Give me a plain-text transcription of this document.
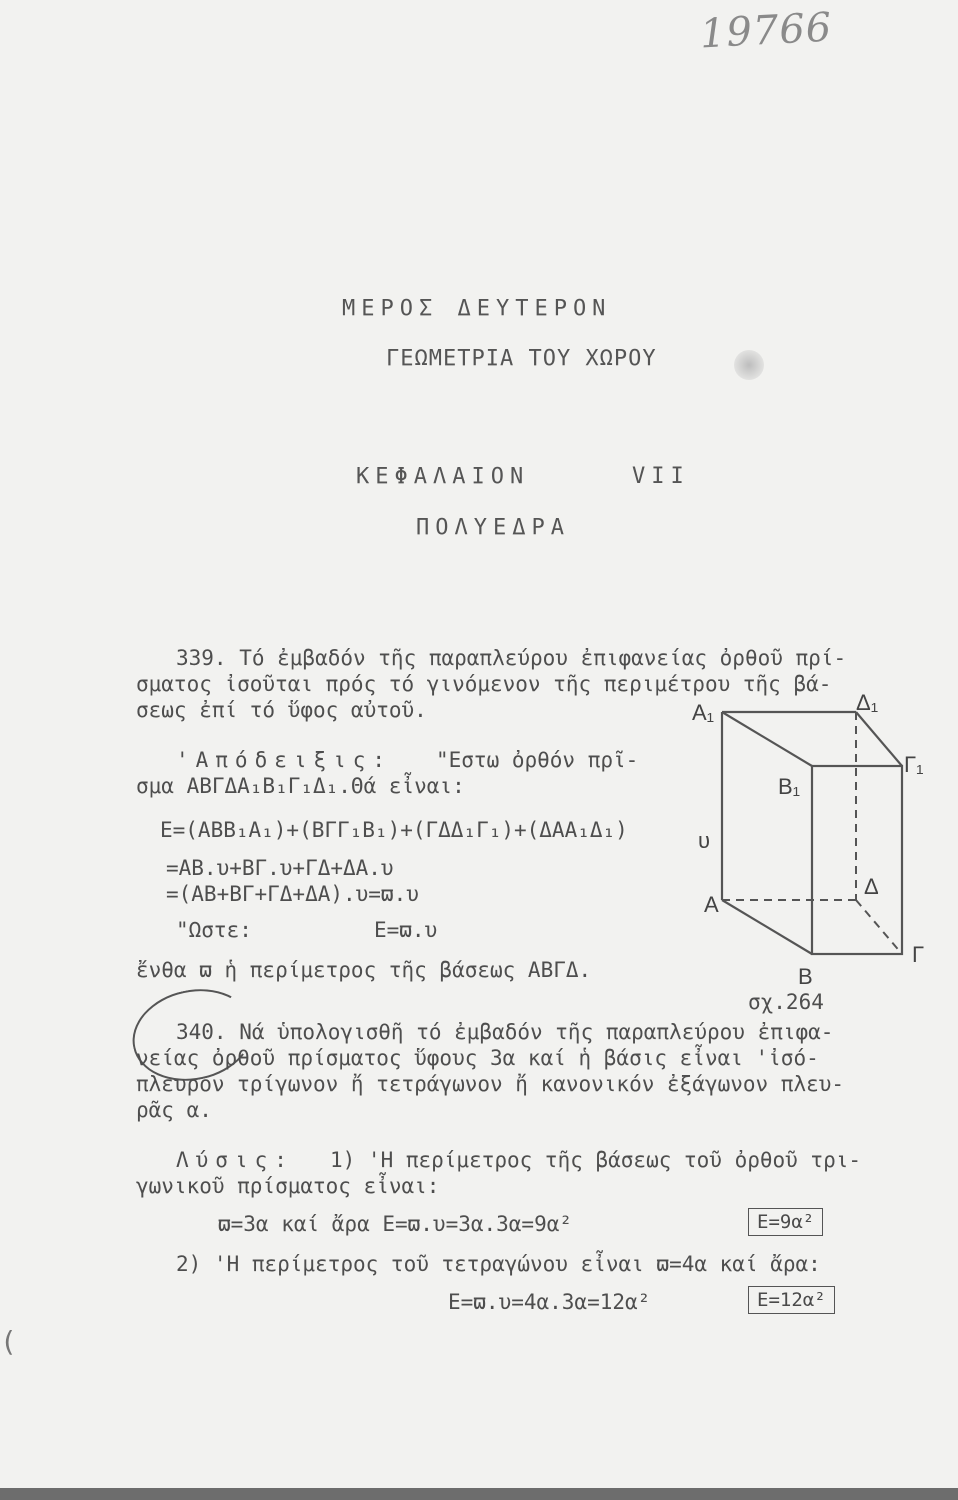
19766
ΜΕΡΟΣ ΔΕΥΤΕΡΟΝ
ΓΕΩΜΕΤΡΙΑ ΤΟΥ ΧΩΡΟΥ
ΚΕΦΑΛΑΙΟΝ	VII
ΠΟΛΥΕΔΡΑ
339. Τό ἐμβαδόν τῆς παραπλεύρου ἐπιφανείας ὀρθοῦ πρί-
σματος ἰσοῦται πρός τό γινόμενον τῆς περιμέτρου τῆς βά-
σεως ἐπί τό ὕφος αὐτοῦ.
'Απόδειξις: "Εστω ὀρθόν πρῖ-
σμα ΑΒΓΔΑ₁Β₁Γ₁Δ₁.Θά εἶναι:
Ε=(ΑΒΒ₁Α₁)+(ΒΓΓ₁Β₁)+(ΓΔΔ₁Γ₁)+(ΔΑΑ₁Δ₁)
=ΑΒ.υ+ΒΓ.υ+ΓΔ+ΔΑ.υ
=(ΑΒ+ΒΓ+ΓΔ+ΔΑ).υ=ϖ.υ
"Ωστε:	Ε=ϖ.υ
ἔνθα ϖ ἡ περίμετρος τῆς βάσεως ΑΒΓΔ.
Α₁	Δ₁
Γ₁
Β₁
υ
Α
Δ
Β
Γ
σχ.264
340. Νά ὑπολογισθῆ τό ἐμβαδόν τῆς παραπλεύρου ἐπιφα-
νείας ὀρθοῦ πρίσματος ὕφους 3α καί ἡ βάσις εἶναι 'ἰσό-
πλευρον τρίγωνον ἤ τετράγωνον ἤ κανονικόν ἐξάγωνον πλευ-
ρᾶς α.
Λύσις: 1) 'Η περίμετρος τῆς βάσεως τοῦ ὀρθοῦ τρι-
γωνικοῦ πρίσματος εἶναι:
ϖ=3α καί ἄρα Ε=ϖ.υ=3α.3α=9α²	Ε=9α²
2) 'Η περίμετρος τοῦ τετραγώνου εἶναι ϖ=4α καί ἄρα:
Ε=ϖ.υ=4α.3α=12α²	Ε=12α²
(
